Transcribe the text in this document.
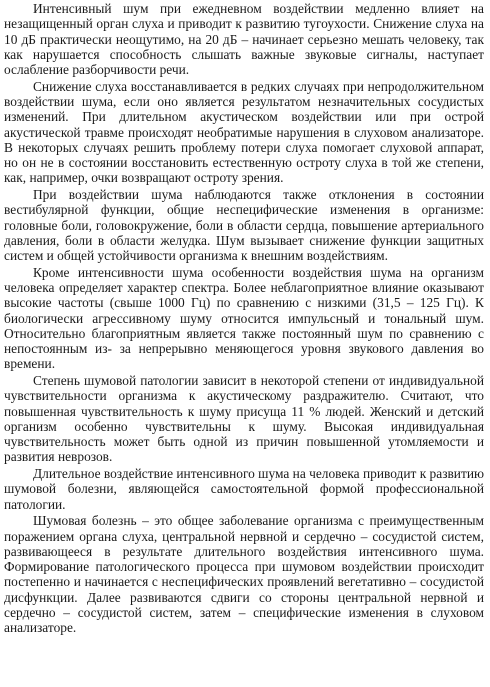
Интенсивный шум при ежедневном воздействии медленно влияет на незащищенный орган слуха и приводит к развитию тугоухости. Снижение слуха на 10 дБ практически неощутимо, на 20 дБ – начинает серьезно мешать человеку, так как нарушается способность слышать важные звуковые сигналы, наступает ослабление разборчивости речи.

Снижение слуха восстанавливается в редких случаях при непродолжительном воздействии шума, если оно является результатом незначительных сосудистых изменений. При длительном акустическом воздействии или при острой акустической травме происходят необратимые нарушения в слуховом анализаторе. В некоторых случаях решить проблему потери слуха помогает слуховой аппарат, но он не в состоянии восстановить естественную остроту слуха в той же степени, как, например, очки возвращают остроту зрения.

При воздействии шума наблюдаются также отклонения в состоянии вестибулярной функции, общие неспецифические изменения в организме: головные боли, головокружение, боли в области сердца, повышение артериального давления, боли в области желудка. Шум вызывает снижение функции защитных систем и общей устойчивости организма к внешним воздействиям.

Кроме интенсивности шума особенности воздействия шума на организм человека определяет характер спектра. Более неблагоприятное влияние оказывают высокие частоты (свыше 1000 Гц) по сравнению с низкими (31,5 – 125 Гц). К биологически агрессивному шуму относится импульсный и тональный шум. Относительно благоприятным является также постоянный шум по сравнению с непостоянным из- за непрерывно меняющегося уровня звукового давления во времени.

Степень шумовой патологии зависит в некоторой степени от индивидуальной чувствительности организма к акустическому раздражителю. Считают, что повышенная чувствительность к шуму присуща 11 % людей. Женский и детский организм особенно чувствительны к шуму. Высокая индивидуальная чувствительность может быть одной из причин повышенной утомляемости и развития неврозов.

Длительное воздействие интенсивного шума на человека приводит к развитию шумовой болезни, являющейся самостоятельной формой профессиональной патологии.

Шумовая болезнь – это общее заболевание организма с преимущественным поражением органа слуха, центральной нервной и сердечно – сосудистой систем, развивающееся в результате длительного воздействия интенсивного шума. Формирование патологического процесса при шумовом воздействии происходит постепенно и начинается с неспецифических проявлений вегетативно – сосудистой дисфункции. Далее развиваются сдвиги со стороны центральной нервной и сердечно – сосудистой систем, затем – специфические изменения в слуховом анализаторе.
